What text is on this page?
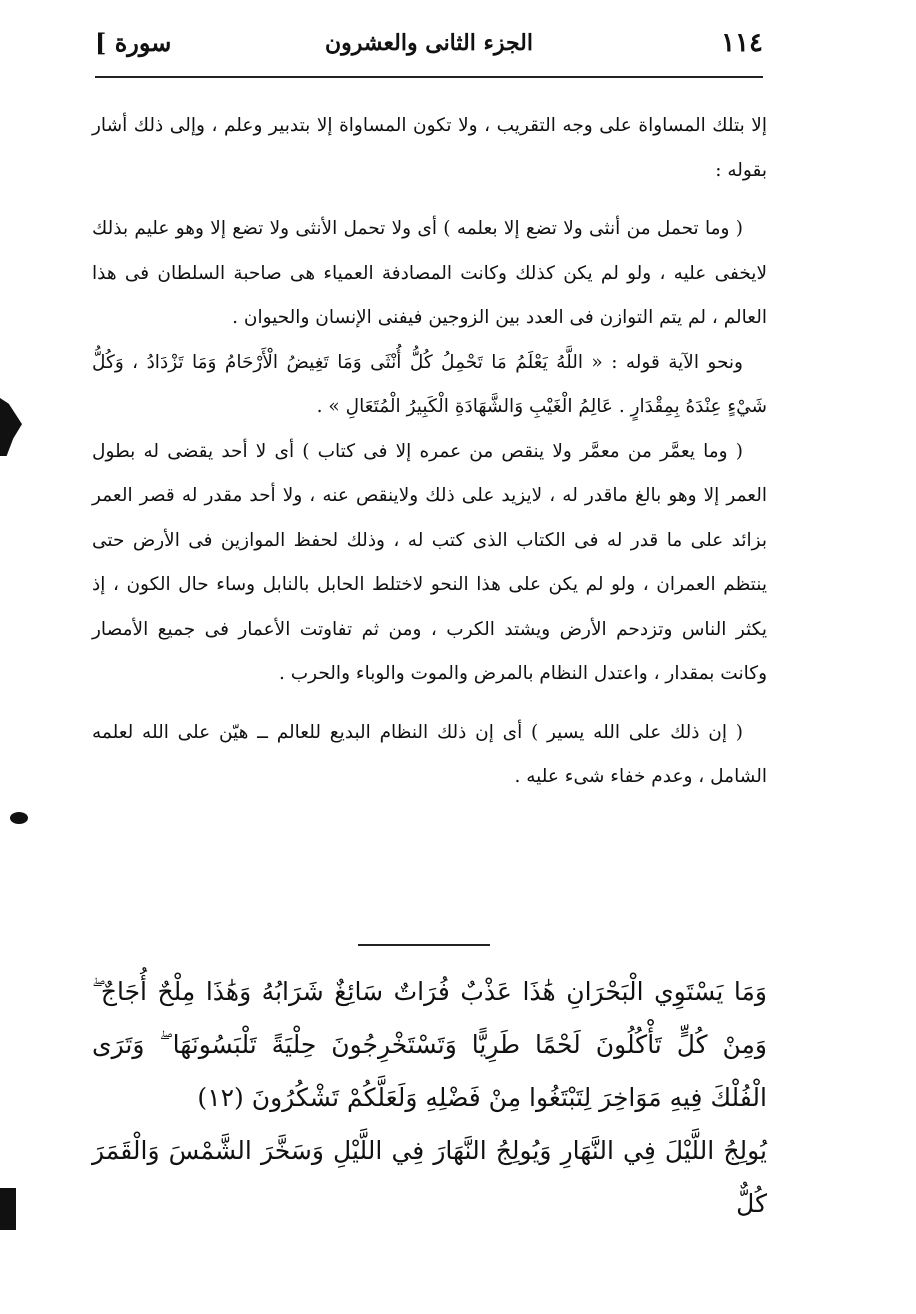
١١٤
الجزء الثانى والعشرون
[ سورة

إلا بتلك المساواة على وجه التقريب ، ولا تكون المساواة إلا بتدبير وعلم ، وإلى ذلك أشار بقوله :

( وما تحمل من أنثى ولا تضع إلا بعلمه ) أى ولا تحمل الأنثى ولا تضع إلا وهو عليم بذلك لايخفى عليه ، ولو لم يكن كذلك وكانت المصادفة العمياء هى صاحبة السلطان فى هذا العالم ، لم يتم التوازن فى العدد بين الزوجين فيفنى الإنسان والحيوان .

ونحو الآية قوله : « اللَّهُ يَعْلَمُ مَا تَحْمِلُ كُلُّ أُنْثَى وَمَا تَغِيضُ الْأَرْحَامُ وَمَا تَزْدَادُ ، وَكُلُّ شَيْءٍ عِنْدَهُ بِمِقْدَارٍ . عَالِمُ الْغَيْبِ وَالشَّهَادَةِ الْكَبِيرُ الْمُتَعَالِ » .

( وما يعمَّر من معمَّر ولا ينقص من عمره إلا فى كتاب ) أى لا أحد يقضى له بطول العمر إلا وهو بالغ ماقدر له ، لايزيد على ذلك ولاينقص عنه ، ولا أحد مقدر له قصر العمر بزائد على ما قدر له فى الكتاب الذى كتب له ، وذلك لحفظ الموازين فى الأرض حتى ينتظم العمران ، ولو لم يكن على هذا النحو لاختلط الحابل بالنابل وساء حال الكون ، إذ يكثر الناس وتزدحم الأرض ويشتد الكرب ، ومن ثم تفاوتت الأعمار فى جميع الأمصار وكانت بمقدار ، واعتدل النظام بالمرض والموت والوباء والحرب .

( إن ذلك على الله يسير ) أى إن ذلك النظام البديع للعالم ــ هيّن على الله لعلمه الشامل ، وعدم خفاء شىء عليه .

وَمَا يَسْتَوِي الْبَحْرَانِ هَٰذَا عَذْبٌ فُرَاتٌ سَائِغٌ شَرَابُهُ وَهَٰذَا مِلْحٌ أُجَاجٌ ۖ وَمِنْ كُلٍّ تَأْكُلُونَ لَحْمًا طَرِيًّا وَتَسْتَخْرِجُونَ حِلْيَةً تَلْبَسُونَهَا ۖ وَتَرَى الْفُلْكَ فِيهِ مَوَاخِرَ لِتَبْتَغُوا مِنْ فَضْلِهِ وَلَعَلَّكُمْ تَشْكُرُونَ (١٢)

يُولِجُ اللَّيْلَ فِي النَّهَارِ وَيُولِجُ النَّهَارَ فِي اللَّيْلِ وَسَخَّرَ الشَّمْسَ وَالْقَمَرَ كُلٌّ
